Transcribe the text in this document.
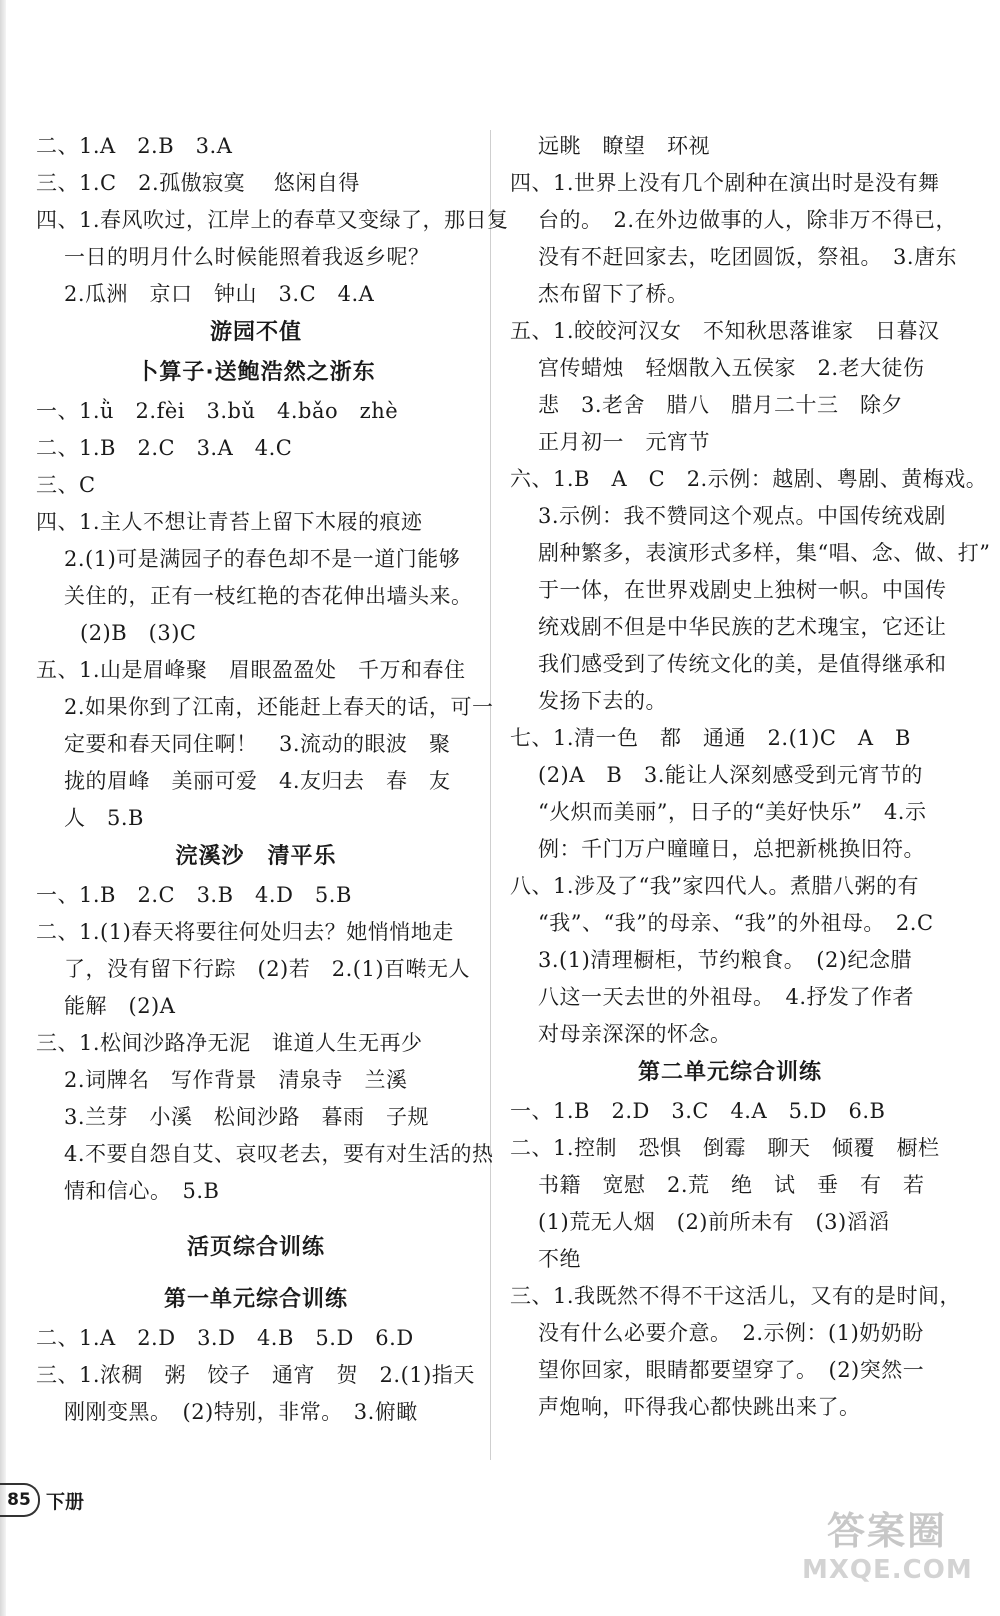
二、1.A　2.B　3.A
三、1.C　2.孤傲寂寞　 悠闲自得
四、1.春风吹过，江岸上的春草又变绿了，那日复
一日的明月什么时候能照着我返乡呢？
2.瓜洲　京口　钟山　3.C　4.A
游园不值
卜算子·送鲍浩然之浙东
一、1.ǜ　2.fèi　3.bǔ　4.bǎo　zhè
二、1.B　2.C　3.A　4.C
三、C
四、1.主人不想让青苔上留下木屐的痕迹
2.(1)可是满园子的春色却不是一道门能够
关住的，正有一枝红艳的杏花伸出墙头来。
(2)B　(3)C
五、1.山是眉峰聚　眉眼盈盈处　千万和春住
2.如果你到了江南，还能赶上春天的话，可一
定要和春天同住啊！　3.流动的眼波　聚
拢的眉峰　美丽可爱　4.友归去　春　友
人　5.B
浣溪沙　清平乐
一、1.B　2.C　3.B　4.D　5.B
二、1.(1)春天将要往何处归去？她悄悄地走
了，没有留下行踪　(2)若　2.(1)百啭无人
能解　(2)A
三、1.松间沙路净无泥　谁道人生无再少
2.词牌名　写作背景　清泉寺　兰溪
3.兰芽　小溪　松间沙路　暮雨　子规
4.不要自怨自艾、哀叹老去，要有对生活的热
情和信心。　5.B
活页综合训练
第一单元综合训练
二、1.A　2.D　3.D　4.B　5.D　6.D
三、1.浓稠　粥　饺子　通宵　贺　2.(1)指天
刚刚变黑。　(2)特别，非常。　3.俯瞰
远眺　瞭望　环视
四、1.世界上没有几个剧种在演出时是没有舞
台的。　2.在外边做事的人，除非万不得已，
没有不赶回家去，吃团圆饭，祭祖。　3.唐东
杰布留下了桥。
五、1.皎皎河汉女　不知秋思落谁家　日暮汉
宫传蜡烛　轻烟散入五侯家　2.老大徒伤
悲　3.老舍　腊八　腊月二十三　除夕
正月初一　元宵节
六、1.B　A　C　2.示例：越剧、粤剧、黄梅戏。
3.示例：我不赞同这个观点。中国传统戏剧
剧种繁多，表演形式多样，集“唱、念、做、打”
于一体，在世界戏剧史上独树一帜。中国传
统戏剧不但是中华民族的艺术瑰宝，它还让
我们感受到了传统文化的美，是值得继承和
发扬下去的。
七、1.清一色　都　通通　2.(1)C　A　B
(2)A　B　3.能让人深刻感受到元宵节的
“火炽而美丽”，日子的“美好快乐”　4.示
例：千门万户曈曈日，总把新桃换旧符。
八、1.涉及了“我”家四代人。煮腊八粥的有
“我”、“我”的母亲、“我”的外祖母。　2.C
3.(1)清理橱柜，节约粮食。　(2)纪念腊
八这一天去世的外祖母。　4.抒发了作者
对母亲深深的怀念。
第二单元综合训练
一、1.B　2.D　3.C　4.A　5.D　6.B
二、1.控制　恐惧　倒霉　聊天　倾覆　橱栏
书籍　宽慰　2.荒　绝　试　垂　有　若
(1)荒无人烟　(2)前所未有　(3)滔滔
不绝
三、1.我既然不得不干这活儿，又有的是时间，
没有什么必要介意。　2.示例：(1)奶奶盼
望你回家，眼睛都要望穿了。　(2)突然一
声炮响，吓得我心都快跳出来了。
85 下册
答案圈
MXQE.COM
